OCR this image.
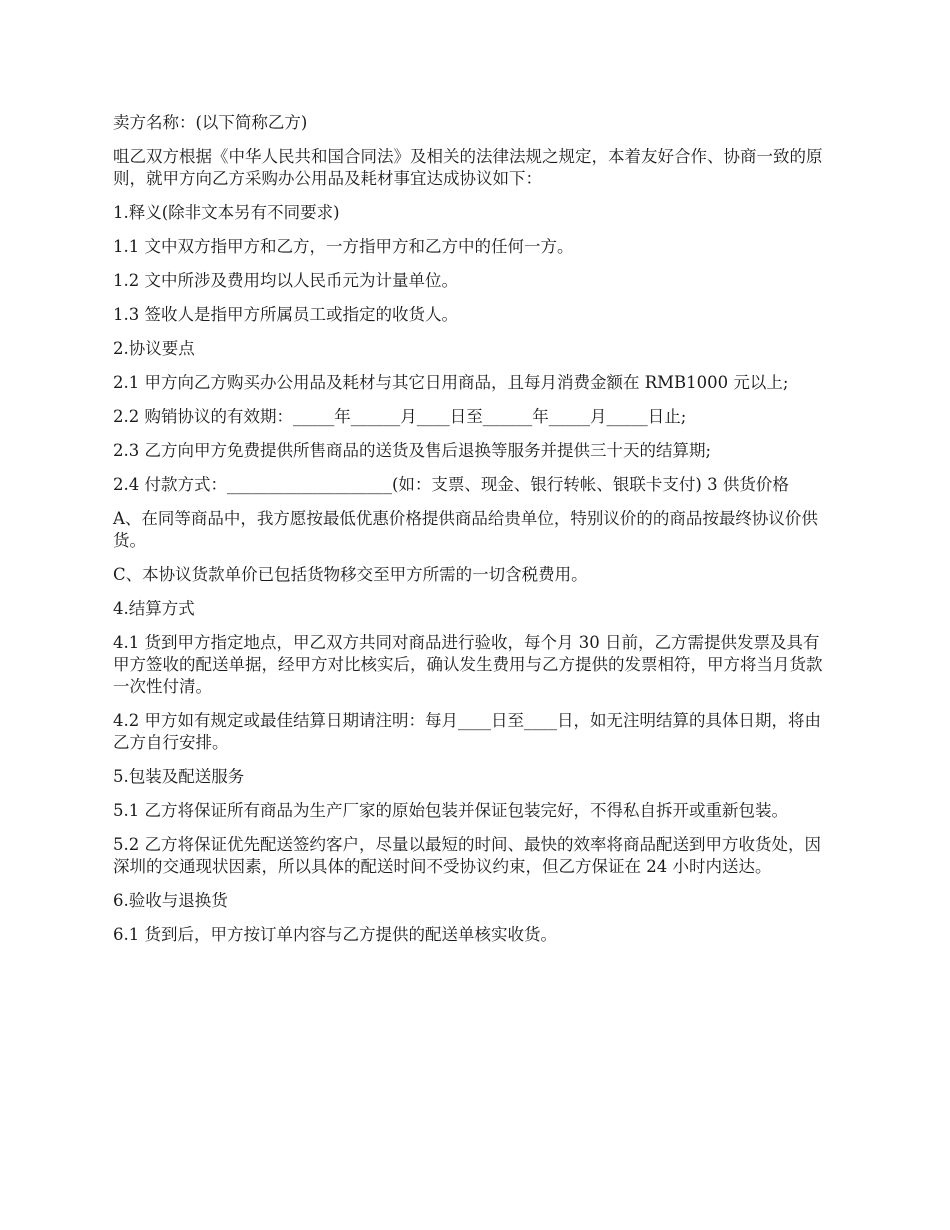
卖方名称：(以下简称乙方)

咀乙双方根据《中华人民共和国合同法》及相关的法律法规之规定，本着友好合作、协商一致的原则，就甲方向乙方采购办公用品及耗材事宜达成协议如下：

1.释义(除非文本另有不同要求)

1.1 文中双方指甲方和乙方，一方指甲方和乙方中的任何一方。

1.2 文中所涉及费用均以人民币元为计量单位。

1.3 签收人是指甲方所属员工或指定的收货人。

2.协议要点

2.1 甲方向乙方购买办公用品及耗材与其它日用商品，且每月消费金额在 RMB1000 元以上;

2.2 购销协议的有效期：_____年______月____日至______年_____月_____日止;

2.3 乙方向甲方免费提供所售商品的送货及售后退换等服务并提供三十天的结算期;

2.4 付款方式：____________________(如：支票、现金、银行转帐、银联卡支付) 3 供货价格

A、在同等商品中，我方愿按最低优惠价格提供商品给贵单位，特别议价的的商品按最终协议价供货。

C、本协议货款单价已包括货物移交至甲方所需的一切含税费用。

4.结算方式

4.1 货到甲方指定地点，甲乙双方共同对商品进行验收，每个月 30 日前，乙方需提供发票及具有甲方签收的配送单据，经甲方对比核实后，确认发生费用与乙方提供的发票相符，甲方将当月货款一次性付清。

4.2 甲方如有规定或最佳结算日期请注明：每月____日至____日，如无注明结算的具体日期，将由乙方自行安排。

5.包装及配送服务

5.1 乙方将保证所有商品为生产厂家的原始包装并保证包装完好，不得私自拆开或重新包装。

5.2 乙方将保证优先配送签约客户，尽量以最短的时间、最快的效率将商品配送到甲方收货处，因深圳的交通现状因素，所以具体的配送时间不受协议约束，但乙方保证在 24 小时内送达。

6.验收与退换货

6.1 货到后，甲方按订单内容与乙方提供的配送单核实收货。
